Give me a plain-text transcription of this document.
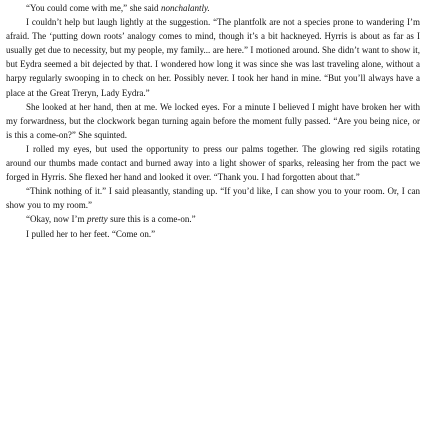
“You could come with me,” she said nonchalantly.

I couldn’t help but laugh lightly at the suggestion. “The plantfolk are not a species prone to wandering I’m afraid. The ‘putting down roots’ analogy comes to mind, though it’s a bit hackneyed. Hyrris is about as far as I usually get due to necessity, but my people, my family... are here.” I motioned around. She didn’t want to show it, but Eydra seemed a bit dejected by that. I wondered how long it was since she was last traveling alone, without a harpy regularly swooping in to check on her. Possibly never. I took her hand in mine. “But you’ll always have a place at the Great Treryn, Lady Eydra.”

She looked at her hand, then at me. We locked eyes. For a minute I believed I might have broken her with my forwardness, but the clockwork began turning again before the moment fully passed. “Are you being nice, or is this a come-on?” She squinted.

I rolled my eyes, but used the opportunity to press our palms together. The glowing red sigils rotating around our thumbs made contact and burned away into a light shower of sparks, releasing her from the pact we forged in Hyrris. She flexed her hand and looked it over. “Thank you. I had forgotten about that.”

“Think nothing of it.” I said pleasantly, standing up. “If you’d like, I can show you to your room. Or, I can show you to my room.”

“Okay, now I’m pretty sure this is a come-on.”

I pulled her to her feet. “Come on.”
